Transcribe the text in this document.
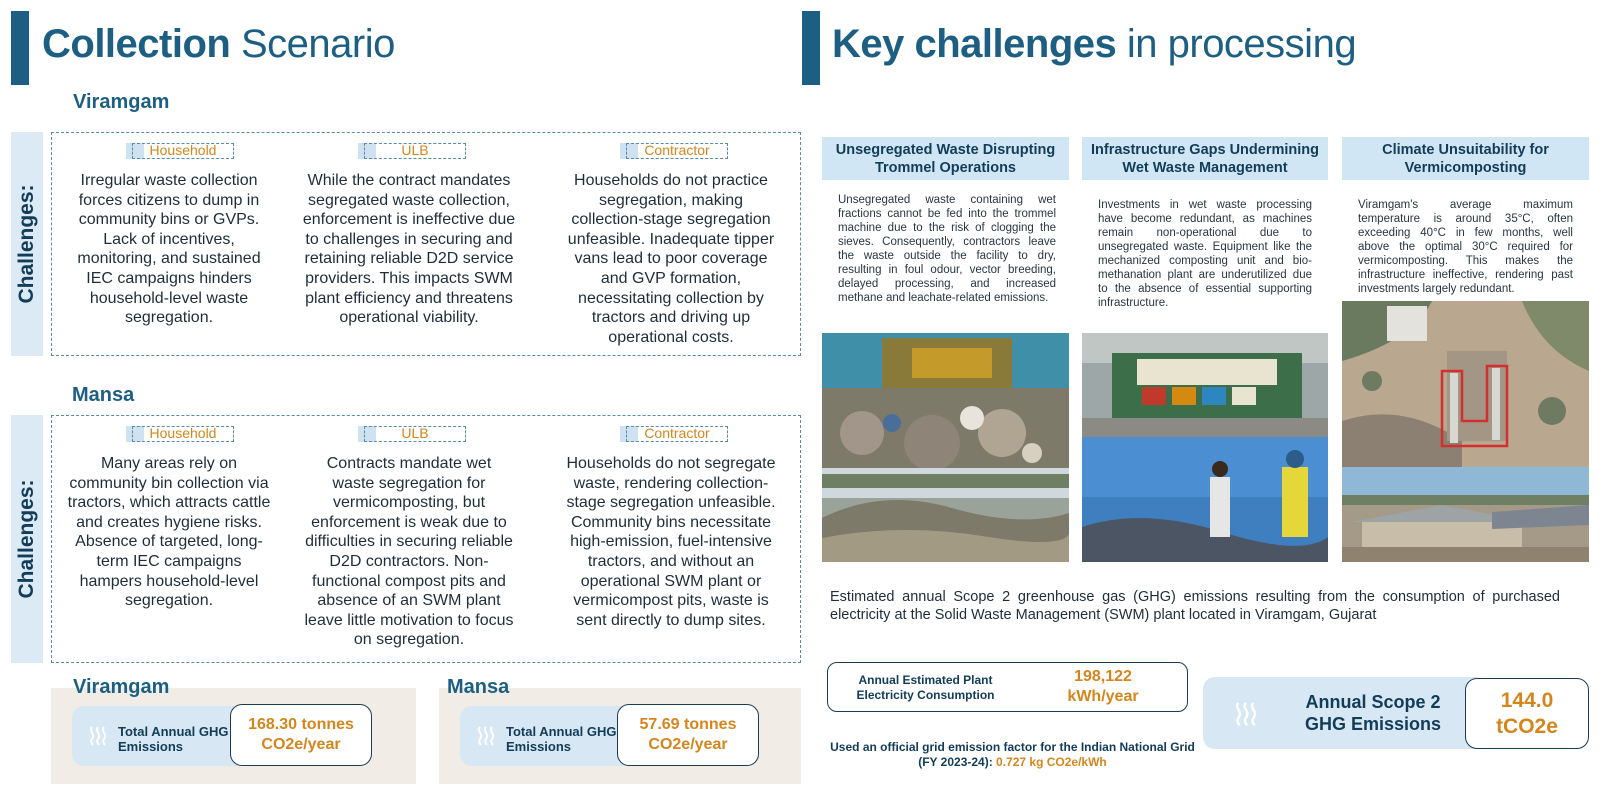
Collection Scenario
Viramgam
Challenges:
Household
Irregular waste collection forces citizens to dump in community bins or GVPs. Lack of incentives, monitoring, and sustained IEC campaigns hinders household-level waste segregation.
ULB
While the contract mandates segregated waste collection, enforcement is ineffective due to challenges in securing and retaining reliable D2D service providers. This impacts SWM plant efficiency and threatens operational viability.
Contractor
Households do not practice segregation, making collection-stage segregation unfeasible. Inadequate tipper vans lead to poor coverage and GVP formation, necessitating collection by tractors and driving up operational costs.
Mansa
Challenges:
Household
Many areas rely on community bin collection via tractors, which attracts cattle and creates hygiene risks. Absence of targeted, long-term IEC campaigns hampers household-level segregation.
ULB
Contracts mandate wet waste segregation for vermicomposting, but enforcement is weak due to difficulties in securing reliable D2D contractors. Non-functional compost pits and absence of an SWM plant leave little motivation to focus on segregation.
Contractor
Households do not segregate waste, rendering collection-stage segregation unfeasible. Community bins necessitate high-emission, fuel-intensive tractors, and without an operational SWM plant or vermicompost pits, waste is sent directly to dump sites.
Viramgam
Total Annual GHG Emissions
168.30 tonnes CO2e/year
Mansa
Total Annual GHG Emissions
57.69 tonnes CO2e/year
Key challenges in processing
Unsegregated Waste Disrupting Trommel Operations
Unsegregated waste containing wet fractions cannot be fed into the trommel machine due to the risk of clogging the sieves. Consequently, contractors leave the waste outside the facility to dry, resulting in foul odour, vector breeding, delayed processing, and increased methane and leachate-related emissions.
Infrastructure Gaps Undermining Wet Waste Management
Investments in wet waste processing have become redundant, as machines remain non-operational due to unsegregated waste. Equipment like the mechanized composting unit and bio-methanation plant are underutilized due to the absence of essential supporting infrastructure.
Climate Unsuitability for Vermicomposting
Viramgam's average maximum temperature is around 35°C, often exceeding 40°C in few months, well above the optimal 30°C required for vermicomposting. This makes the infrastructure ineffective, rendering past investments largely redundant.
Estimated annual Scope 2 greenhouse gas (GHG) emissions resulting from the consumption of purchased electricity at the Solid Waste Management (SWM) plant located in Viramgam, Gujarat
Annual Estimated Plant Electricity Consumption
198,122 kWh/year
Used an official grid emission factor for the Indian National Grid (FY 2023-24): 0.727 kg CO2e/kWh
Annual Scope 2 GHG Emissions
144.0 tCO2e
